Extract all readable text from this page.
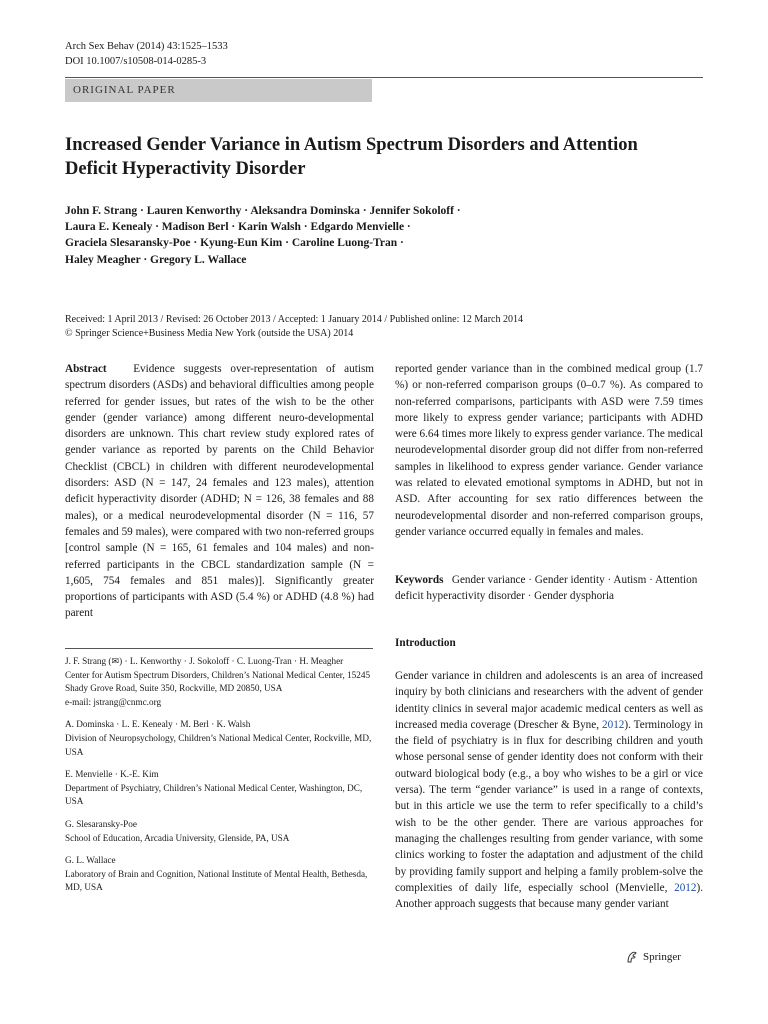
Arch Sex Behav (2014) 43:1525–1533
DOI 10.1007/s10508-014-0285-3
ORIGINAL PAPER
Increased Gender Variance in Autism Spectrum Disorders and Attention Deficit Hyperactivity Disorder
John F. Strang · Lauren Kenworthy · Aleksandra Dominska · Jennifer Sokoloff ·
Laura E. Kenealy · Madison Berl · Karin Walsh · Edgardo Menvielle ·
Graciela Slesaransky-Poe · Kyung-Eun Kim · Caroline Luong-Tran ·
Haley Meagher · Gregory L. Wallace
Received: 1 April 2013 / Revised: 26 October 2013 / Accepted: 1 January 2014 / Published online: 12 March 2014
© Springer Science+Business Media New York (outside the USA) 2014
Abstract Evidence suggests over-representation of autism spectrum disorders (ASDs) and behavioral difficulties among people referred for gender issues, but rates of the wish to be the other gender (gender variance) among different neuro-developmental disorders are unknown. This chart review study explored rates of gender variance as reported by parents on the Child Behavior Checklist (CBCL) in children with different neurodevelopmental disorders: ASD (N = 147, 24 females and 123 males), attention deficit hyperactivity disorder (ADHD; N = 126, 38 females and 88 males), or a medical neurodevelopmental disorder (N = 116, 57 females and 59 males), were compared with two non-referred groups [control sample (N = 165, 61 females and 104 males) and non-referred participants in the CBCL standardization sample (N = 1,605, 754 females and 851 males)]. Significantly greater proportions of participants with ASD (5.4 %) or ADHD (4.8 %) had parent
reported gender variance than in the combined medical group (1.7 %) or non-referred comparison groups (0–0.7 %). As compared to non-referred comparisons, participants with ASD were 7.59 times more likely to express gender variance; participants with ADHD were 6.64 times more likely to express gender variance. The medical neurodevelopmental disorder group did not differ from non-referred samples in likelihood to express gender variance. Gender variance was related to elevated emotional symptoms in ADHD, but not in ASD. After accounting for sex ratio differences between the neurodevelopmental disorder and non-referred comparison groups, gender variance occurred equally in females and males.
Keywords Gender variance · Gender identity · Autism · Attention deficit hyperactivity disorder · Gender dysphoria
J. F. Strang (✉) · L. Kenworthy · J. Sokoloff · C. Luong-Tran · H. Meagher
Center for Autism Spectrum Disorders, Children’s National Medical Center, 15245 Shady Grove Road, Suite 350, Rockville, MD 20850, USA
e-mail: jstrang@cnmc.org
A. Dominska · L. E. Kenealy · M. Berl · K. Walsh
Division of Neuropsychology, Children’s National Medical Center, Rockville, MD, USA
E. Menvielle · K.-E. Kim
Department of Psychiatry, Children’s National Medical Center, Washington, DC, USA
G. Slesaransky-Poe
School of Education, Arcadia University, Glenside, PA, USA
G. L. Wallace
Laboratory of Brain and Cognition, National Institute of Mental Health, Bethesda, MD, USA
Introduction
Gender variance in children and adolescents is an area of increased inquiry by both clinicians and researchers with the advent of gender identity clinics in several major academic medical centers as well as increased media coverage (Drescher & Byne, 2012). Terminology in the field of psychiatry is in flux for describing children and youth whose personal sense of gender identity does not conform with their outward biological body (e.g., a boy who wishes to be a girl or vice versa). The term “gender variance” is used in a range of contexts, but in this article we use the term to refer specifically to a child’s wish to be the other gender. There are various approaches for managing the challenges resulting from gender variance, with some clinics working to foster the adaptation and adjustment of the child by providing family support and helping a family problem-solve the complexities of daily life, especially school (Menvielle, 2012). Another approach suggests that because many gender variant
Springer
